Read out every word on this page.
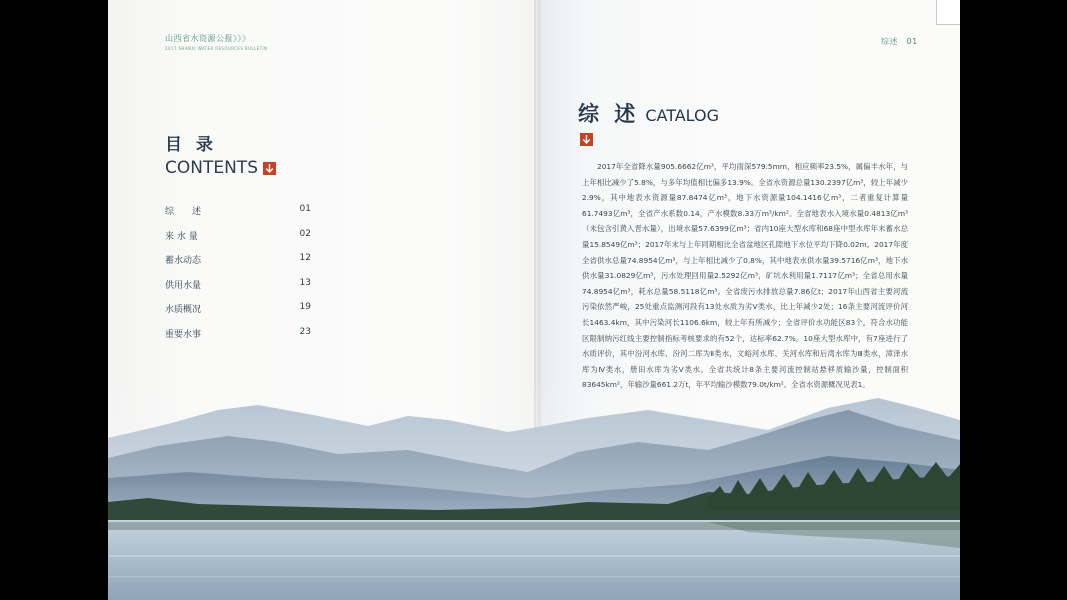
山西省水资源公报》》》
2017 SHANXI WATER RESOURCES BULLETIN
目 录
CONTENTS
综　　述	01
来 水 量	02
蓄水动态	12
供用水量	13
水质概况	19
重要水事	23
综述　01
综 述 CATALOG
2017年全省降水量905.6662亿m³，平均雨深579.5mm，相应频率23.5%，属偏丰水年，与上年相比减少了5.8%，与多年均值相比偏多13.9%。全省水资源总量130.2397亿m³，较上年减少2.9%，其中地表水资源量87.8474亿m³，地下水资源量104.1416亿m³，二者重复计算量61.7493亿m³，全省产水系数0.14，产水模数8.33万m³/km²。全省地表水入境水量0.4813亿m³（未包含引黄入晋水量），出境水量57.6399亿m³；省内10座大型水库和68座中型水库年末蓄水总量15.8549亿m³；2017年末与上年同期相比全省盆地区孔隙地下水位平均下降0.02m。2017年度全省供水总量74.8954亿m³，与上年相比减少了0.8%，其中地表水供水量39.5716亿m³，地下水供水量31.0829亿m³，污水处理回用量2.5292亿m³，矿坑水利用量1.7117亿m³；全省总用水量74.8954亿m³，耗水总量58.5118亿m³。全省废污水排放总量7.86亿t；2017年山西省主要河流污染依然严峻，25处重点监测河段有13处水质为劣Ⅴ类水，比上年减少2处；16条主要河流评价河长1463.4km，其中污染河长1106.6km，较上年有所减少；全省评价水功能区83个，符合水功能区限制纳污红线主要控制指标考核要求的有52个，达标率62.7%。10座大型水库中，有7座进行了水质评价，其中汾河水库、汾河二库为Ⅱ类水，文峪河水库、关河水库和后湾水库为Ⅲ类水，漳泽水库为Ⅳ类水，册田水库为劣Ⅴ类水。全省共统计8条主要河流控制站悬移质输沙量，控制面积
